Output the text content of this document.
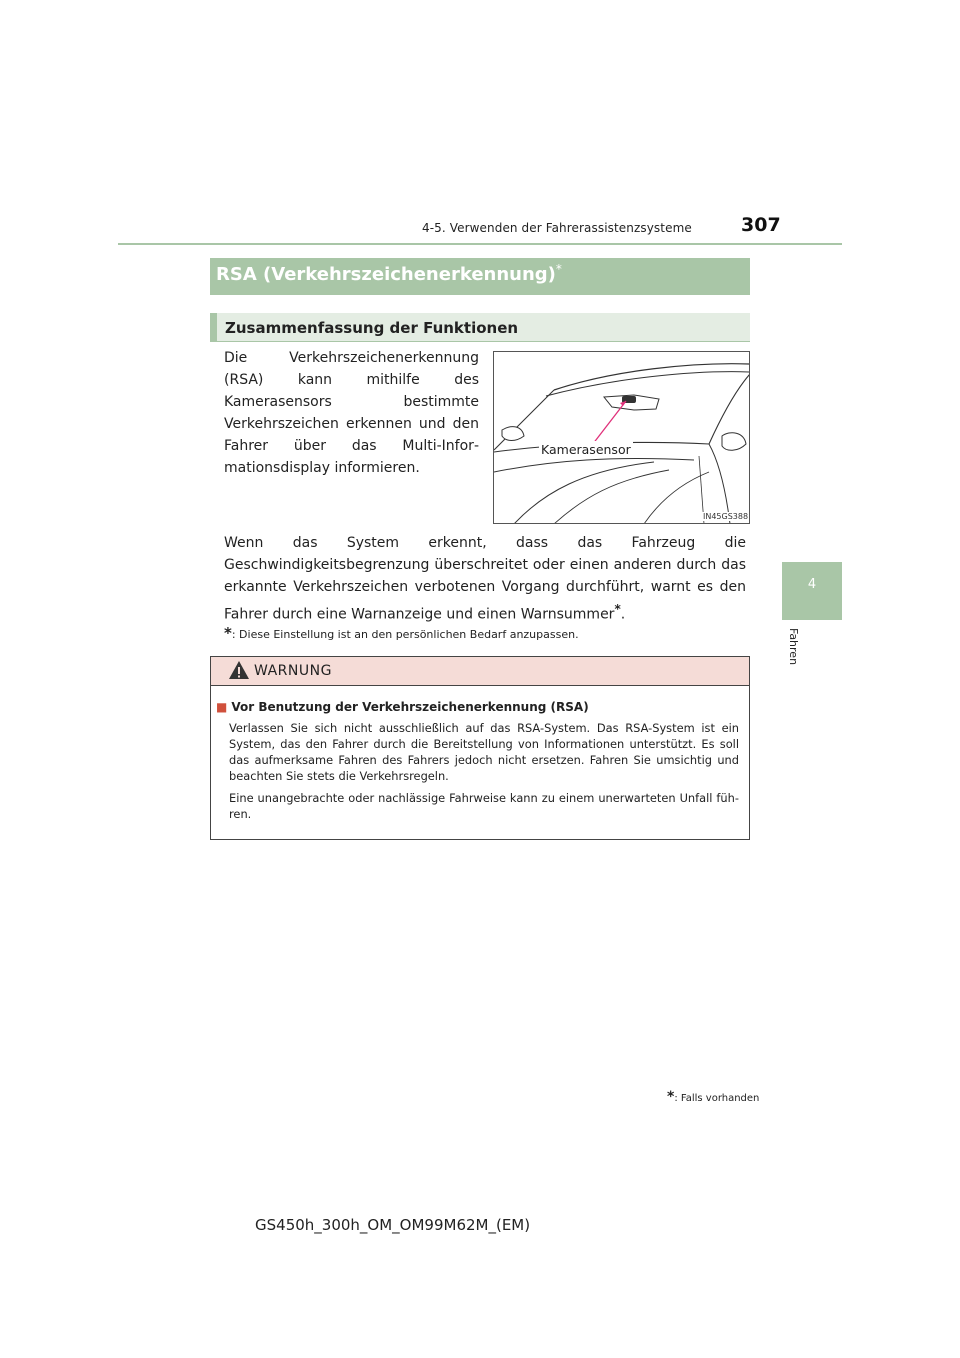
4-5. Verwenden der Fahrerassistenzsysteme	307
4
Fahren
RSA (Verkehrszeichenerkennung)*
Zusammenfassung der Funktionen
Die Verkehrszeichenerkennung (RSA) kann mithilfe des Kamerasensors bestimmte Verkehrszeichen erkennen und den Fahrer über das Multi-Informationsdisplay informieren.
Kamerasensor
IN45GS388
Wenn das System erkennt, dass das Fahrzeug die Geschwindigkeitsbegrenzung überschreitet oder einen anderen durch das erkannte Verkehrszeichen verbotenen Vorgang durchführt, warnt es den Fahrer durch eine Warnanzeige und einen Warnsummer*.
*: Diese Einstellung ist an den persönlichen Bedarf anzupassen.
WARNUNG
■ Vor Benutzung der Verkehrszeichenerkennung (RSA)
Verlassen Sie sich nicht ausschließlich auf das RSA-System. Das RSA-System ist ein System, das den Fahrer durch die Bereitstellung von Informationen unterstützt. Es soll das aufmerksame Fahren des Fahrers jedoch nicht ersetzen. Fahren Sie umsichtig und beachten Sie stets die Verkehrsregeln.
Eine unangebrachte oder nachlässige Fahrweise kann zu einem unerwarteten Unfall führen.
*: Falls vorhanden
GS450h_300h_OM_OM99M62M_(EM)
